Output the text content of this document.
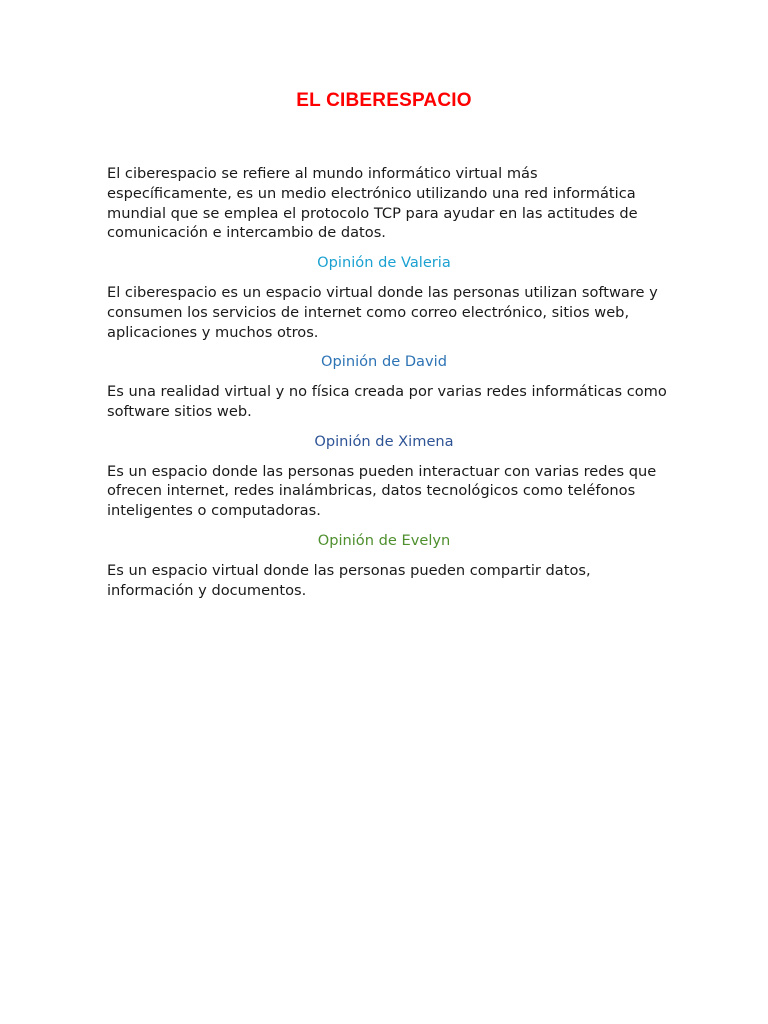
EL CIBERESPACIO

El ciberespacio se refiere al mundo informático virtual más específicamente, es un medio electrónico utilizando una red informática mundial que se emplea el protocolo TCP para ayudar en las actitudes de comunicación e intercambio de datos.

Opinión de Valeria

El ciberespacio es un espacio virtual donde las personas utilizan software y consumen los servicios de internet como correo electrónico, sitios web, aplicaciones y muchos otros.

Opinión de David

Es una realidad virtual y no física creada por varias redes informáticas como software sitios web.

Opinión de Ximena

Es un espacio donde las personas pueden interactuar con varias redes que ofrecen internet, redes inalámbricas, datos tecnológicos como teléfonos inteligentes o computadoras.

Opinión de Evelyn

Es un espacio virtual donde las personas pueden compartir datos, información y documentos.
